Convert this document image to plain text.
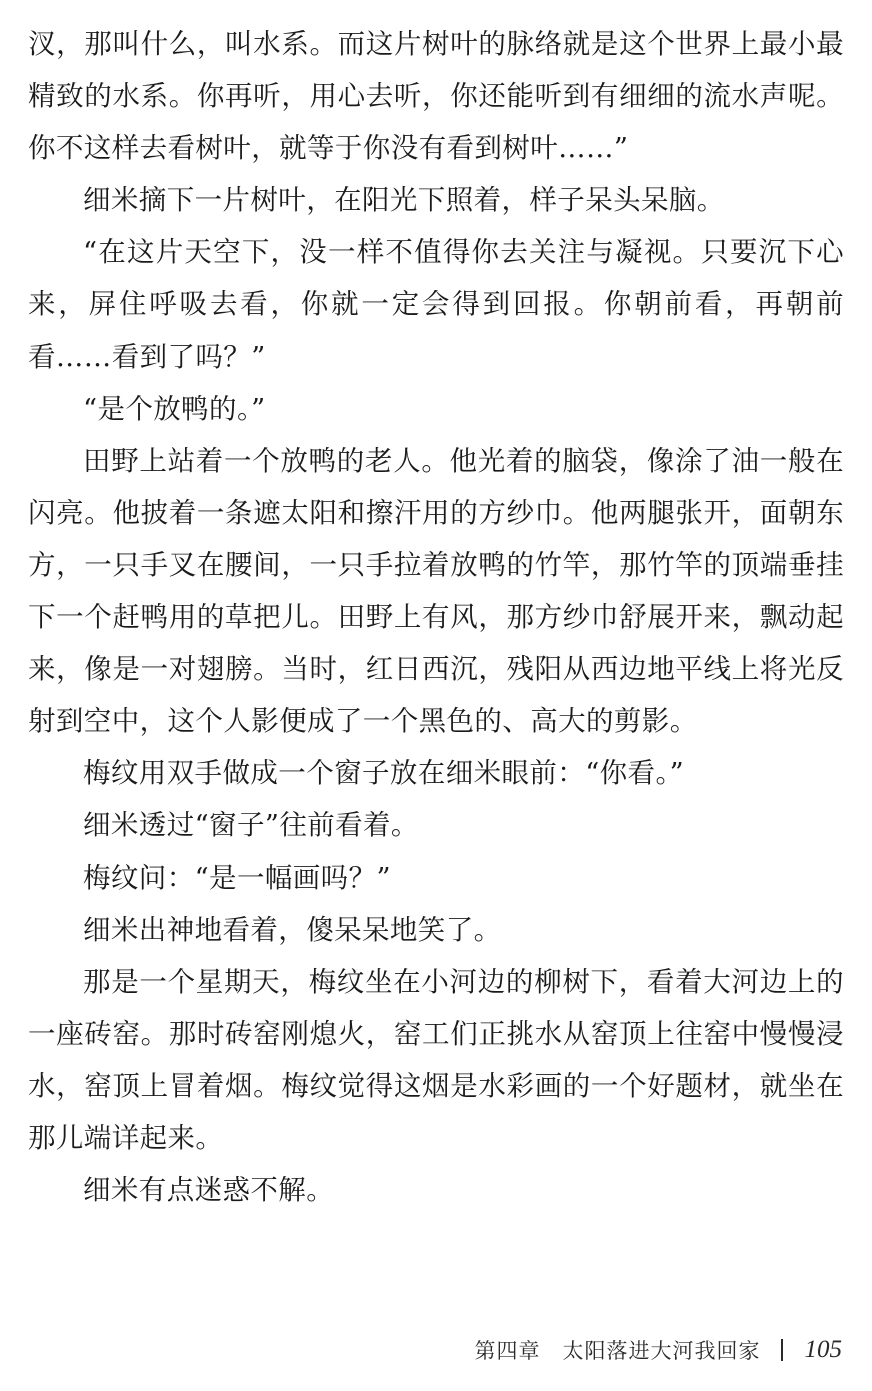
汊，那叫什么，叫水系。而这片树叶的脉络就是这个世界上最小最精致的水系。你再听，用心去听，你还能听到有细细的流水声呢。你不这样去看树叶，就等于你没有看到树叶……”

细米摘下一片树叶，在阳光下照着，样子呆头呆脑。

“在这片天空下，没一样不值得你去关注与凝视。只要沉下心来，屏住呼吸去看，你就一定会得到回报。你朝前看，再朝前看……看到了吗？”

“是个放鸭的。”

田野上站着一个放鸭的老人。他光着的脑袋，像涂了油一般在闪亮。他披着一条遮太阳和擦汗用的方纱巾。他两腿张开，面朝东方，一只手叉在腰间，一只手拉着放鸭的竹竿，那竹竿的顶端垂挂下一个赶鸭用的草把儿。田野上有风，那方纱巾舒展开来，飘动起来，像是一对翅膀。当时，红日西沉，残阳从西边地平线上将光反射到空中，这个人影便成了一个黑色的、高大的剪影。

梅纹用双手做成一个窗子放在细米眼前：“你看。”

细米透过“窗子”往前看着。

梅纹问：“是一幅画吗？”

细米出神地看着，傻呆呆地笑了。

那是一个星期天，梅纹坐在小河边的柳树下，看着大河边上的一座砖窑。那时砖窑刚熄火，窑工们正挑水从窑顶上往窑中慢慢浸水，窑顶上冒着烟。梅纹觉得这烟是水彩画的一个好题材，就坐在那儿端详起来。

细米有点迷惑不解。

第四章 太阳落进大河我回家 105
